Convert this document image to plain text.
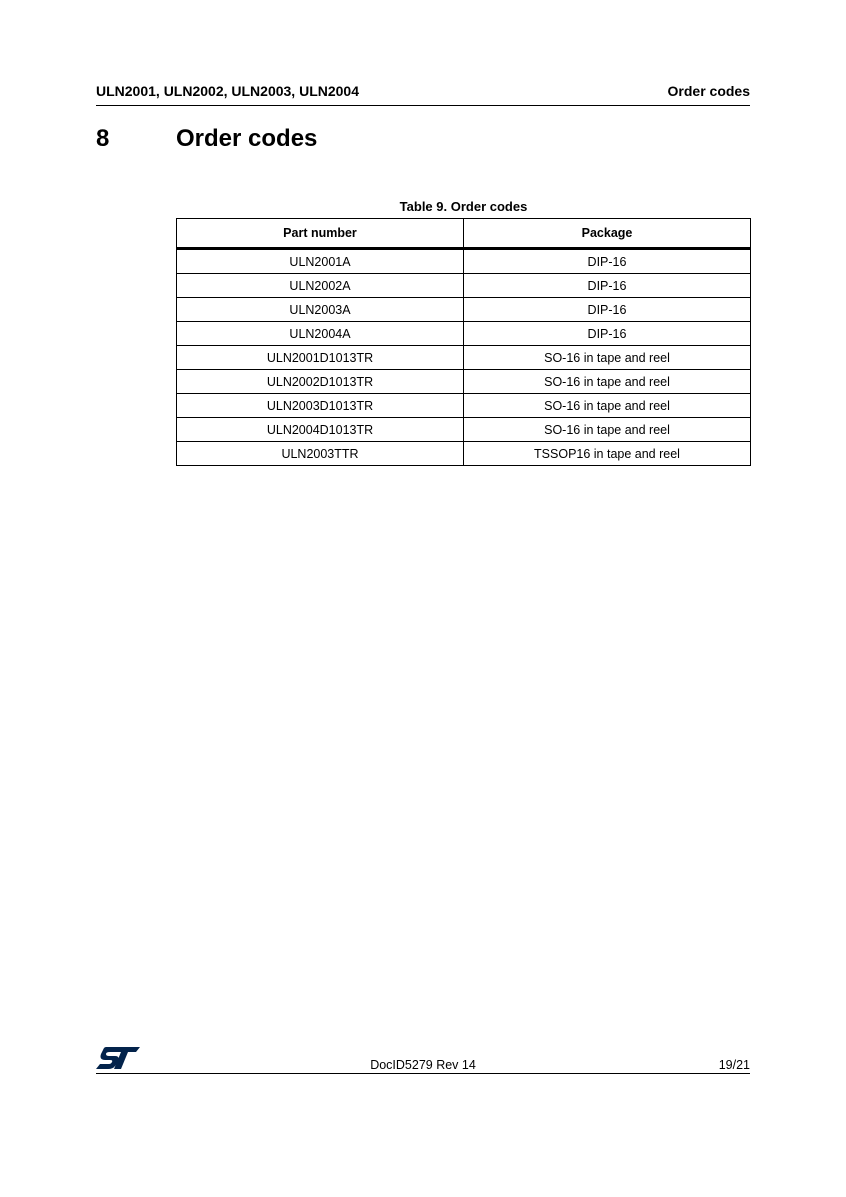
ULN2001, ULN2002, ULN2003, ULN2004	Order codes
8	Order codes
Table 9. Order codes
Part number	Package
ULN2001A	DIP-16
ULN2002A	DIP-16
ULN2003A	DIP-16
ULN2004A	DIP-16
ULN2001D1013TR	SO-16 in tape and reel
ULN2002D1013TR	SO-16 in tape and reel
ULN2003D1013TR	SO-16 in tape and reel
ULN2004D1013TR	SO-16 in tape and reel
ULN2003TTR	TSSOP16 in tape and reel
DocID5279 Rev 14	19/21
